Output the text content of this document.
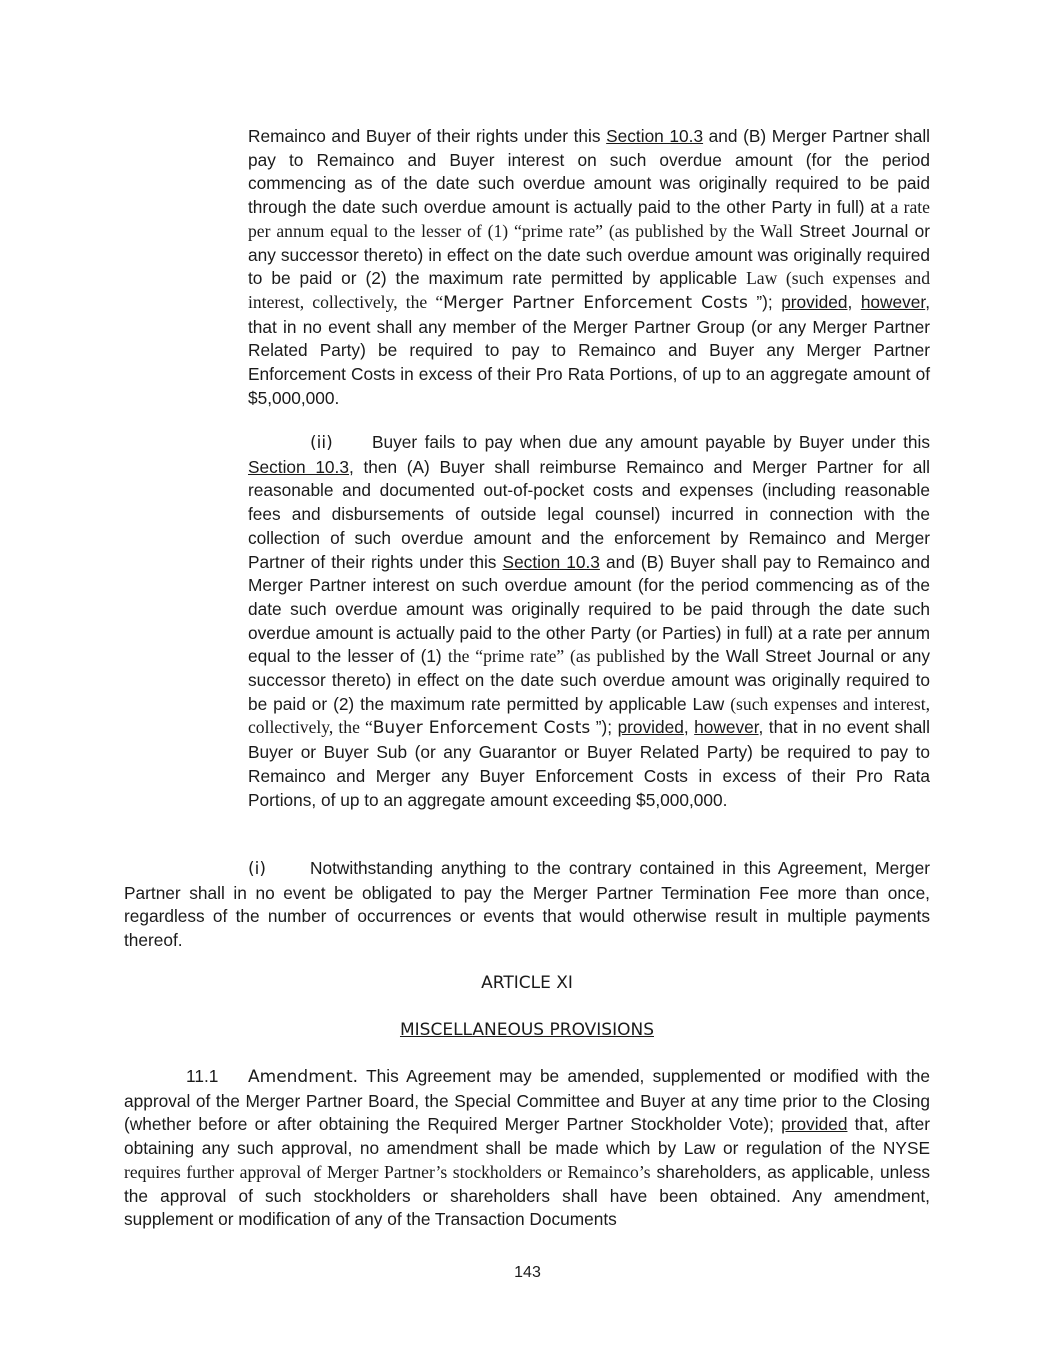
Remainco and Buyer of their rights under this Section 10.3 and (B) Merger Partner shall pay to Remainco and Buyer interest on such overdue amount (for the period commencing as of the date such overdue amount was originally required to be paid through the date such overdue amount is actually paid to the other Party in full) at a rate per annum equal to the lesser of (1) “prime rate” (as published by the Wall Street Journal or any successor thereto) in effect on the date such overdue amount was originally required to be paid or (2) the maximum rate permitted by applicable Law (such expenses and interest, collectively, the “Merger Partner Enforcement Costs ”); provided, however, that in no event shall any member of the Merger Partner Group (or any Merger Partner Related Party) be required to pay to Remainco and Buyer any Merger Partner Enforcement Costs in excess of their Pro Rata Portions, of up to an aggregate amount of $5,000,000.

(ii) Buyer fails to pay when due any amount payable by Buyer under this Section 10.3, then (A) Buyer shall reimburse Remainco and Merger Partner for all reasonable and documented out-of-pocket costs and expenses (including reasonable fees and disbursements of outside legal counsel) incurred in connection with the collection of such overdue amount and the enforcement by Remainco and Merger Partner of their rights under this Section 10.3 and (B) Buyer shall pay to Remainco and Merger Partner interest on such overdue amount (for the period commencing as of the date such overdue amount was originally required to be paid through the date such overdue amount is actually paid to the other Party (or Parties) in full) at a rate per annum equal to the lesser of (1) the “prime rate” (as published by the Wall Street Journal or any successor thereto) in effect on the date such overdue amount was originally required to be paid or (2) the maximum rate permitted by applicable Law (such expenses and interest, collectively, the “Buyer Enforcement Costs ”); provided, however, that in no event shall Buyer or Buyer Sub (or any Guarantor or Buyer Related Party) be required to pay to Remainco and Merger any Buyer Enforcement Costs in excess of their Pro Rata Portions, of up to an aggregate amount exceeding $5,000,000.

(i)	Notwithstanding anything to the contrary contained in this Agreement, Merger Partner shall in no event be obligated to pay the Merger Partner Termination Fee more than once, regardless of the number of occurrences or events that would otherwise result in multiple payments thereof.

ARTICLE XI
MISCELLANEOUS PROVISIONS

11.1 Amendment. This Agreement may be amended, supplemented or modified with the approval of the Merger Partner Board, the Special Committee and Buyer at any time prior to the Closing (whether before or after obtaining the Required Merger Partner Stockholder Vote); provided that, after obtaining any such approval, no amendment shall be made which by Law or regulation of the NYSE requires further approval of Merger Partner’s stockholders or Remainco’s shareholders, as applicable, unless the approval of such stockholders or shareholders shall have been obtained. Any amendment, supplement or modification of any of the Transaction Documents

143
